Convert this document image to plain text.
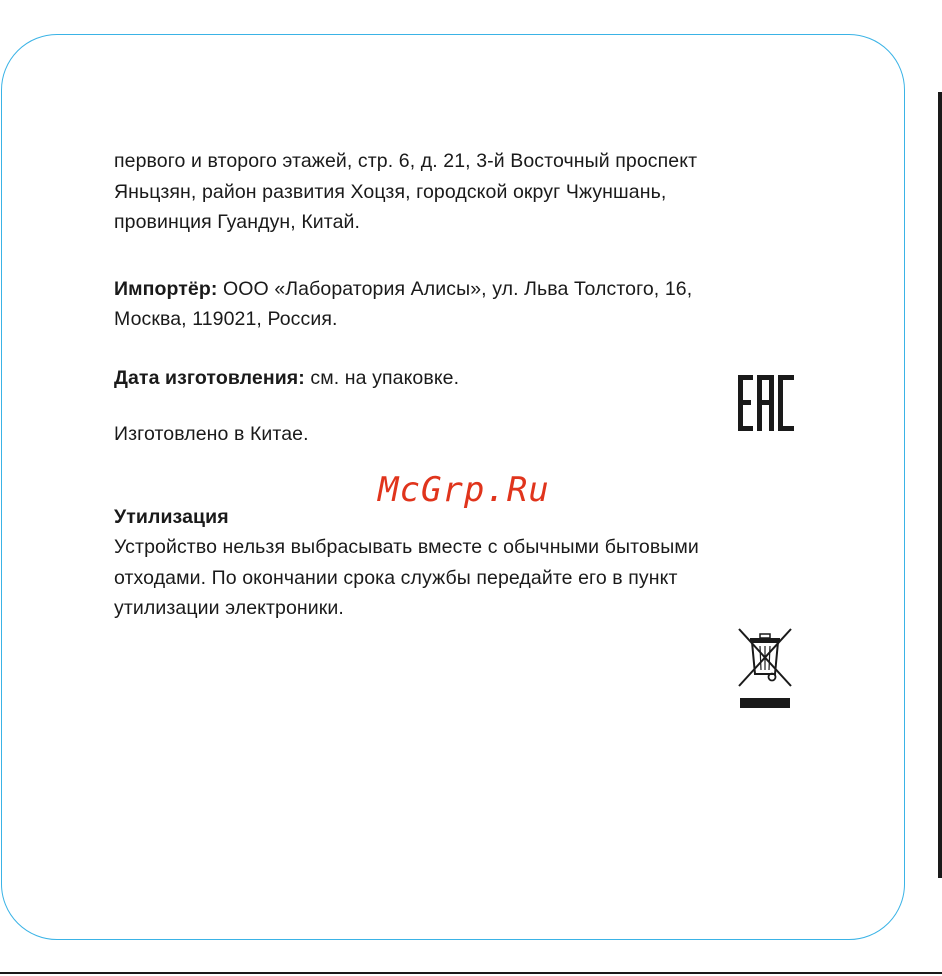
первого и второго этажей, стр. 6, д. 21, 3-й Восточный проспект
Яньцзян, район развития Хоцзя, городской округ Чжуншань,
провинция Гуандун, Китай.

Импортёр: ООО «Лаборатория Алисы», ул. Льва Толстого, 16,
Москва, 119021, Россия.

Дата изготовления: см. на упаковке.

Изготовлено в Китае.

Утилизация
Устройство нельзя выбрасывать вместе с обычными бытовыми
отходами. По окончании срока службы передайте его в пункт
утилизации электроники.

McGrp.Ru
